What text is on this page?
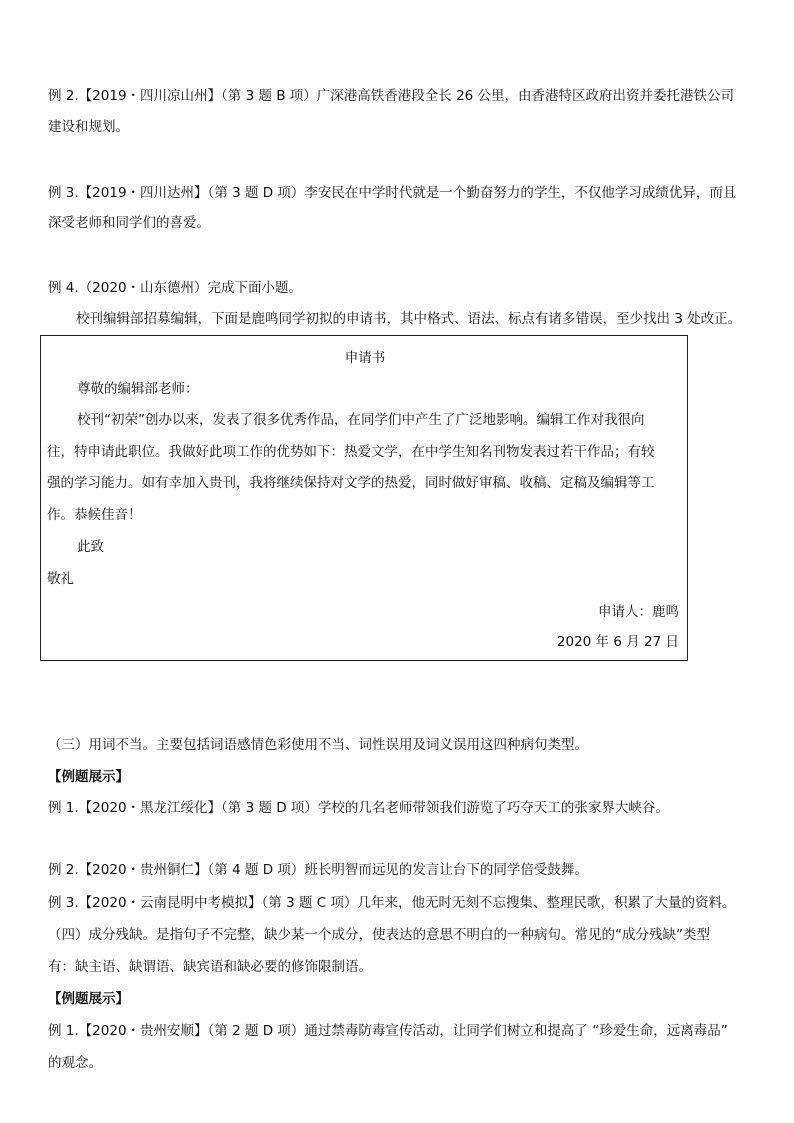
例 2.【2019・四川凉山州】（第 3 题 B 项）广深港高铁香港段全长 26 公里，由香港特区政府出资并委托港铁公司
建设和规划。
例 3.【2019・四川达州】（第 3 题 D 项）李安民在中学时代就是一个勤奋努力的学生，不仅他学习成绩优异，而且
深受老师和同学们的喜爱。
例 4.（2020・山东德州）完成下面小题。
校刊编辑部招募编辑，下面是鹿鸣同学初拟的申请书，其中格式、语法、标点有诸多错误，至少找出 3 处改正。
申请书
尊敬的编辑部老师：
校刊“初荣”创办以来，发表了很多优秀作品，在同学们中产生了广泛地影响。编辑工作对我很向
往，特申请此职位。我做好此项工作的优势如下：热爱文学，在中学生知名刊物发表过若干作品；有较
强的学习能力。如有幸加入贵刊，我将继续保持对文学的热爱，同时做好审稿、收稿、定稿及编辑等工
作。恭候佳音！
此致
敬礼
申请人：鹿鸣
2020 年 6 月 27 日
（三）用词不当。主要包括词语感情色彩使用不当、词性误用及词义误用这四种病句类型。
【例题展示】
例 1.【2020・黑龙江绥化】（第 3 题 D 项）学校的几名老师带领我们游览了巧夺天工的张家界大峡谷。
例 2.【2020・贵州铜仁】（第 4 题 D 项）班长明智而远见的发言让台下的同学倍受鼓舞。
例 3.【2020・云南昆明中考模拟】（第 3 题 C 项）几年来，他无时无刻不忘搜集、整理民歌，积累了大量的资料。
（四）成分残缺。是指句子不完整，缺少某一个成分，使表达的意思不明白的一种病句。常见的“成分残缺”类型
有：缺主语、缺谓语、缺宾语和缺必要的修饰限制语。
【例题展示】
例 1.【2020・贵州安顺】（第 2 题 D 项）通过禁毒防毒宣传活动，让同学们树立和提高了 “珍爱生命，远离毒品”
的观念。
